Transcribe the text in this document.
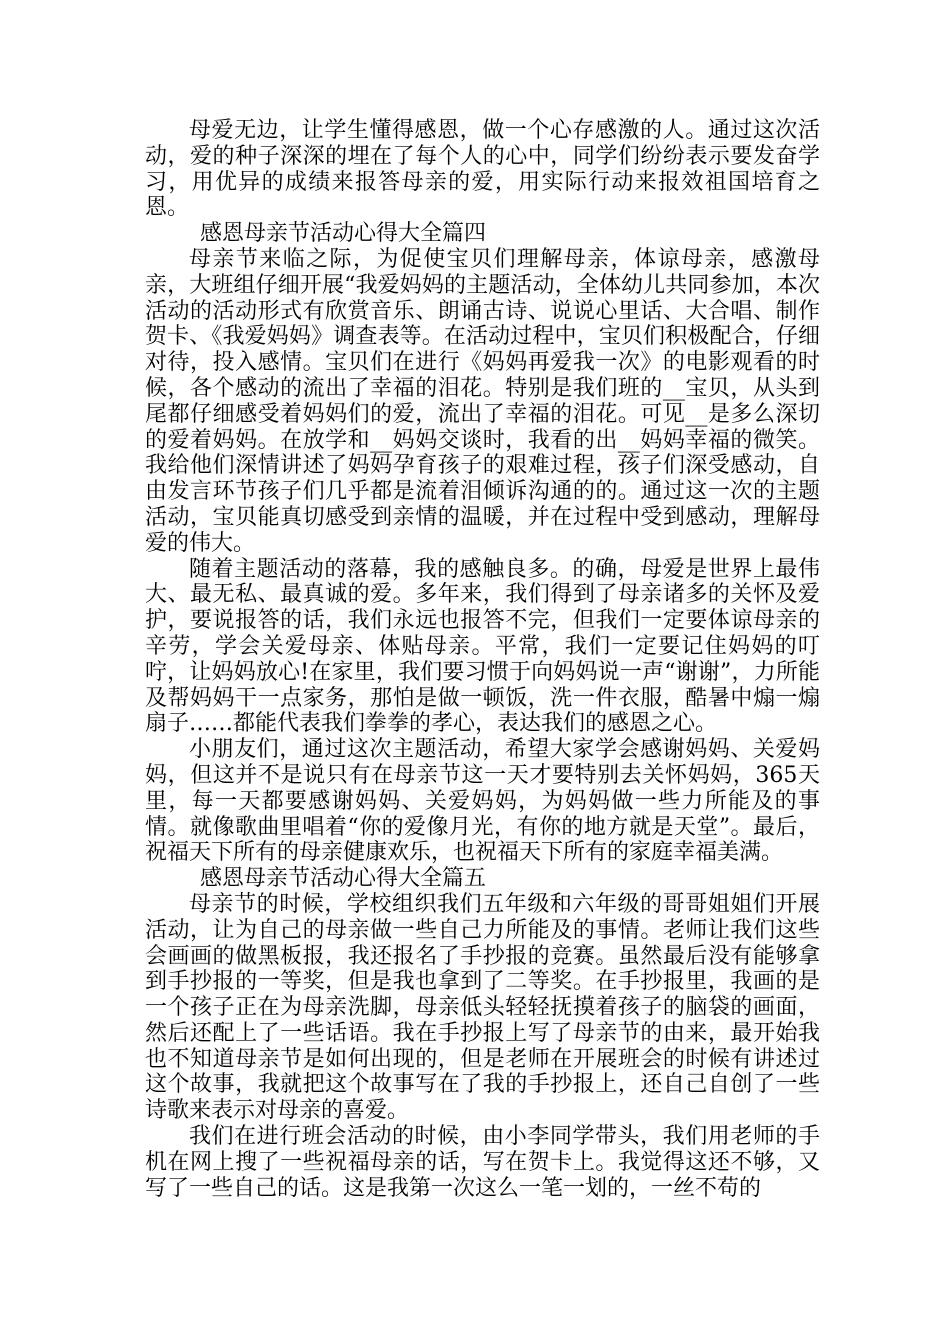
母爱无边，让学生懂得感恩，做一个心存感激的人。通过这次活动，爱的种子深深的埋在了每个人的心中，同学们纷纷表示要发奋学习，用优异的成绩来报答母亲的爱，用实际行动来报效祖国培育之恩。

感恩母亲节活动心得大全篇四

母亲节来临之际，为促使宝贝们理解母亲，体谅母亲，感激母亲，大班组仔细开展“我爱妈妈的主题活动，全体幼儿共同参加，本次活动的活动形式有欣赏音乐、朗诵古诗、说说心里话、大合唱、制作贺卡、《我爱妈妈》调查表等。在活动过程中，宝贝们积极配合，仔细对待，投入感情。宝贝们在进行《妈妈再爱我一次》的电影观看的时候，各个感动的流出了幸福的泪花。特别是我们班的__宝贝，从头到尾都仔细感受着妈妈们的爱，流出了幸福的泪花。可见__是多么深切的爱着妈妈。在放学和__妈妈交谈时，我看的出__妈妈幸福的微笑。我给他们深情讲述了妈妈孕育孩子的艰难过程，孩子们深受感动，自由发言环节孩子们几乎都是流着泪倾诉沟通的的。通过这一次的主题活动，宝贝能真切感受到亲情的温暖，并在过程中受到感动，理解母爱的伟大。

随着主题活动的落幕，我的感触良多。的确，母爱是世界上最伟大、最无私、最真诚的爱。多年来，我们得到了母亲诸多的关怀及爱护，要说报答的话，我们永远也报答不完，但我们一定要体谅母亲的辛劳，学会关爱母亲、体贴母亲。平常，我们一定要记住妈妈的叮咛，让妈妈放心!在家里，我们要习惯于向妈妈说一声“谢谢”，力所能及帮妈妈干一点家务，那怕是做一顿饭，洗一件衣服，酷暑中煽一煽扇子……都能代表我们拳拳的孝心，表达我们的感恩之心。

小朋友们，通过这次主题活动，希望大家学会感谢妈妈、关爱妈妈，但这并不是说只有在母亲节这一天才要特别去关怀妈妈，365天里，每一天都要感谢妈妈、关爱妈妈，为妈妈做一些力所能及的事情。就像歌曲里唱着“你的爱像月光，有你的地方就是天堂”。最后，祝福天下所有的母亲健康欢乐，也祝福天下所有的家庭幸福美满。

感恩母亲节活动心得大全篇五

母亲节的时候，学校组织我们五年级和六年级的哥哥姐姐们开展活动，让为自己的母亲做一些自己力所能及的事情。老师让我们这些会画画的做黑板报，我还报名了手抄报的竞赛。虽然最后没有能够拿到手抄报的一等奖，但是我也拿到了二等奖。在手抄报里，我画的是一个孩子正在为母亲洗脚，母亲低头轻轻抚摸着孩子的脑袋的画面，然后还配上了一些话语。我在手抄报上写了母亲节的由来，最开始我也不知道母亲节是如何出现的，但是老师在开展班会的时候有讲述过这个故事，我就把这个故事写在了我的手抄报上，还自己自创了一些诗歌来表示对母亲的喜爱。

我们在进行班会活动的时候，由小李同学带头，我们用老师的手机在网上搜了一些祝福母亲的话，写在贺卡上。我觉得这还不够，又写了一些自己的话。这是我第一次这么一笔一划的，一丝不苟的
